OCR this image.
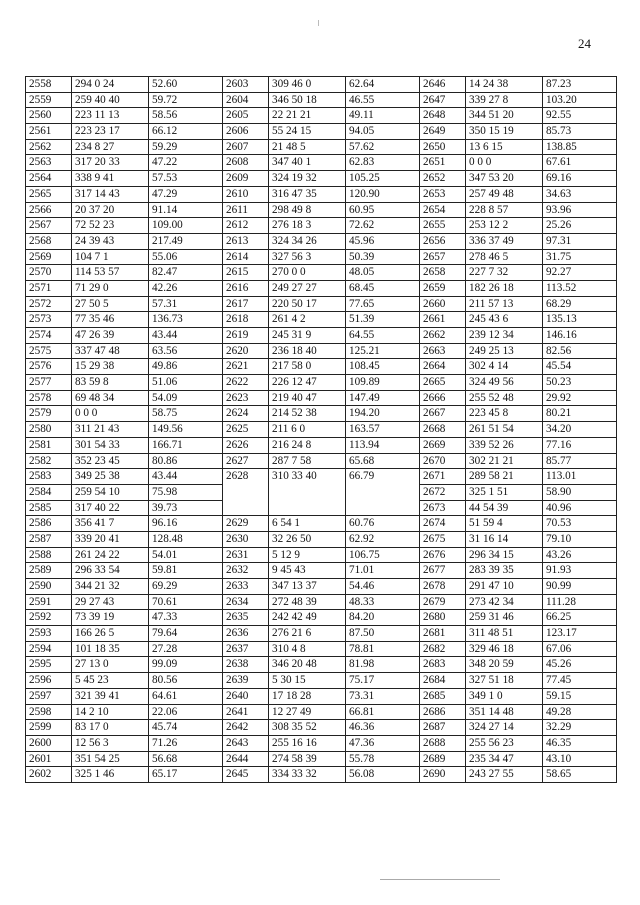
24
2558	294 0 24	52.60	2603	309 46 0	62.64	2646	14 24 38	87.23
2559	259 40 40	59.72	2604	346 50 18	46.55	2647	339 27 8	103.20
2560	223 11 13	58.56	2605	22 21 21	49.11	2648	344 51 20	92.55
2561	223 23 17	66.12	2606	55 24 15	94.05	2649	350 15 19	85.73
2562	234 8 27	59.29	2607	21 48 5	57.62	2650	13 6 15	138.85
2563	317 20 33	47.22	2608	347 40 1	62.83	2651	0 0 0	67.61
2564	338 9 41	57.53	2609	324 19 32	105.25	2652	347 53 20	69.16
2565	317 14 43	47.29	2610	316 47 35	120.90	2653	257 49 48	34.63
2566	20 37 20	91.14	2611	298 49 8	60.95	2654	228 8 57	93.96
2567	72 52 23	109.00	2612	276 18 3	72.62	2655	253 12 2	25.26
2568	24 39 43	217.49	2613	324 34 26	45.96	2656	336 37 49	97.31
2569	104 7 1	55.06	2614	327 56 3	50.39	2657	278 46 5	31.75
2570	114 53 57	82.47	2615	270 0 0	48.05	2658	227 7 32	92.27
2571	71 29 0	42.26	2616	249 27 27	68.45	2659	182 26 18	113.52
2572	27 50 5	57.31	2617	220 50 17	77.65	2660	211 57 13	68.29
2573	77 35 46	136.73	2618	261 4 2	51.39	2661	245 43 6	135.13
2574	47 26 39	43.44	2619	245 31 9	64.55	2662	239 12 34	146.16
2575	337 47 48	63.56	2620	236 18 40	125.21	2663	249 25 13	82.56
2576	15 29 38	49.86	2621	217 58 0	108.45	2664	302 4 14	45.54
2577	83 59 8	51.06	2622	226 12 47	109.89	2665	324 49 56	50.23
2578	69 48 34	54.09	2623	219 40 47	147.49	2666	255 52 48	29.92
2579	0 0 0	58.75	2624	214 52 38	194.20	2667	223 45 8	80.21
2580	311 21 43	149.56	2625	211 6 0	163.57	2668	261 51 54	34.20
2581	301 54 33	166.71	2626	216 24 8	113.94	2669	339 52 26	77.16
2582	352 23 45	80.86	2627	287 7 58	65.68	2670	302 21 21	85.77
2583	349 25 38	43.44	2628	310 33 40	66.79	2671	289 58 21	113.01
2584	259 54 10	75.98				2672	325 1 51	58.90
2585	317 40 22	39.73				2673	44 54 39	40.96
2586	356 41 7	96.16	2629	6 54 1	60.76	2674	51 59 4	70.53
2587	339 20 41	128.48	2630	32 26 50	62.92	2675	31 16 14	79.10
2588	261 24 22	54.01	2631	5 12 9	106.75	2676	296 34 15	43.26
2589	296 33 54	59.81	2632	9 45 43	71.01	2677	283 39 35	91.93
2590	344 21 32	69.29	2633	347 13 37	54.46	2678	291 47 10	90.99
2591	29 27 43	70.61	2634	272 48 39	48.33	2679	273 42 34	111.28
2592	73 39 19	47.33	2635	242 42 49	84.20	2680	259 31 46	66.25
2593	166 26 5	79.64	2636	276 21 6	87.50	2681	311 48 51	123.17
2594	101 18 35	27.28	2637	310 4 8	78.81	2682	329 46 18	67.06
2595	27 13 0	99.09	2638	346 20 48	81.98	2683	348 20 59	45.26
2596	5 45 23	80.56	2639	5 30 15	75.17	2684	327 51 18	77.45
2597	321 39 41	64.61	2640	17 18 28	73.31	2685	349 1 0	59.15
2598	14 2 10	22.06	2641	12 27 49	66.81	2686	351 14 48	49.28
2599	83 17 0	45.74	2642	308 35 52	46.36	2687	324 27 14	32.29
2600	12 56 3	71.26	2643	255 16 16	47.36	2688	255 56 23	46.35
2601	351 54 25	56.68	2644	274 58 39	55.78	2689	235 34 47	43.10
2602	325 1 46	65.17	2645	334 33 32	56.08	2690	243 27 55	58.65
